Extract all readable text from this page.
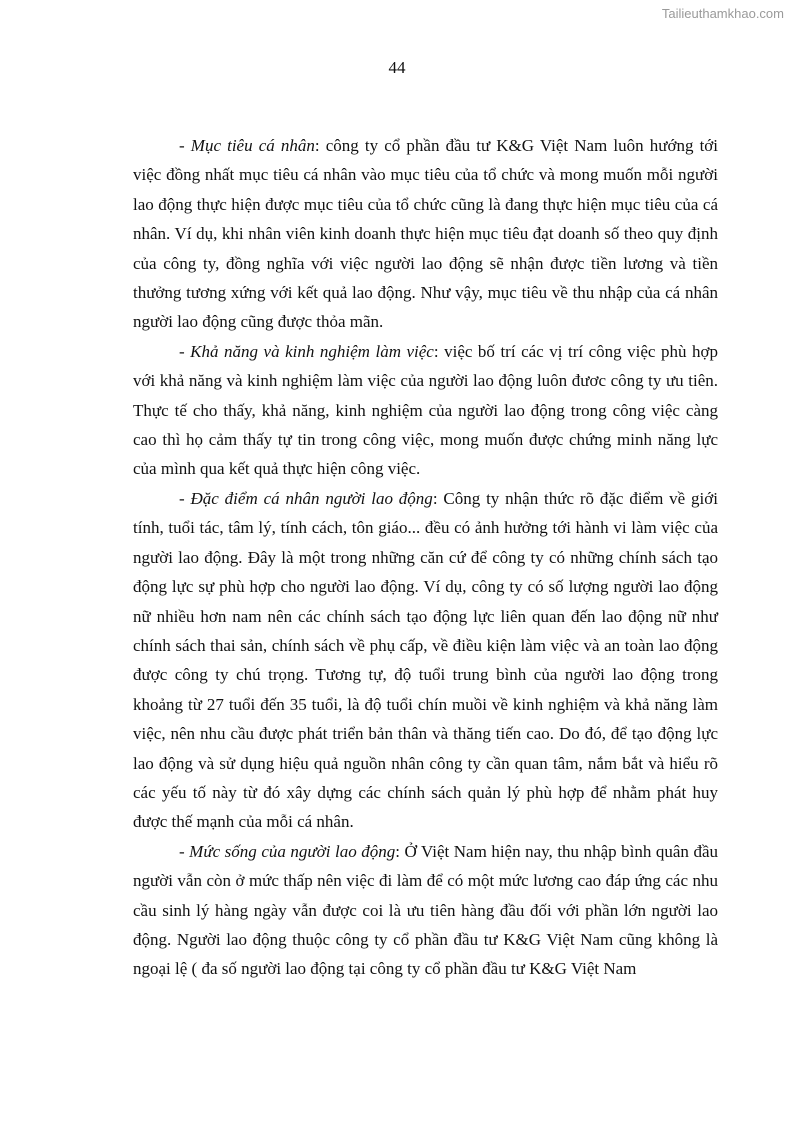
Tailieuthamkhao.com
44

- Mục tiêu cá nhân: công ty cổ phần đầu tư K&G Việt Nam luôn hướng tới việc đồng nhất mục tiêu cá nhân vào mục tiêu của tổ chức và mong muốn mỗi người lao động thực hiện được mục tiêu của tổ chức cũng là đang thực hiện mục tiêu của cá nhân. Ví dụ, khi nhân viên kinh doanh thực hiện mục tiêu đạt doanh số theo quy định của công ty, đồng nghĩa với việc người lao động sẽ nhận được tiền lương và tiền thưởng tương xứng với kết quả lao động. Như vậy, mục tiêu về thu nhập của cá nhân người lao động cũng được thỏa mãn.

- Khả năng và kinh nghiệm làm việc: việc bố trí các vị trí công việc phù hợp với khả năng và kinh nghiệm làm việc của người lao động luôn đươc công ty ưu tiên. Thực tế cho thấy, khả năng, kinh nghiệm của người lao động trong công việc càng cao thì họ cảm thấy tự tin trong công việc, mong muốn được chứng minh năng lực của mình qua kết quả thực hiện công việc.

- Đặc điểm cá nhân người lao động: Công ty nhận thức rõ đặc điểm về giới tính, tuổi tác, tâm lý, tính cách, tôn giáo... đều có ảnh hưởng tới hành vi làm việc của người lao động. Đây là một trong những căn cứ để công ty có những chính sách tạo động lực sự phù hợp cho người lao động. Ví dụ, công ty có số lượng người lao động nữ nhiều hơn nam nên các chính sách tạo động lực liên quan đến lao động nữ như chính sách thai sản, chính sách về phụ cấp, về điều kiện làm việc và an toàn lao động được công ty chú trọng. Tương tự, độ tuổi trung bình của người lao động trong khoảng từ 27 tuổi đến 35 tuổi, là độ tuổi chín muồi về kinh nghiệm và khả năng làm việc, nên nhu cầu được phát triển bản thân và thăng tiến cao. Do đó, để tạo động lực lao động và sử dụng hiệu quả nguồn nhân công ty cần quan tâm, nắm bắt và hiểu rõ các yếu tố này từ đó xây dựng các chính sách quản lý phù hợp để nhằm phát huy được thế mạnh của mỗi cá nhân.

- Mức sống của người lao động: Ở Việt Nam hiện nay, thu nhập bình quân đầu người vẫn còn ở mức thấp nên việc đi làm để có một mức lương cao đáp ứng các nhu cầu sinh lý hàng ngày vẫn được coi là ưu tiên hàng đầu đối với phần lớn người lao động. Người lao động thuộc công ty cổ phần đầu tư K&G Việt Nam cũng không là ngoại lệ ( đa số người lao động tại công ty cổ phần đầu tư K&G Việt Nam
